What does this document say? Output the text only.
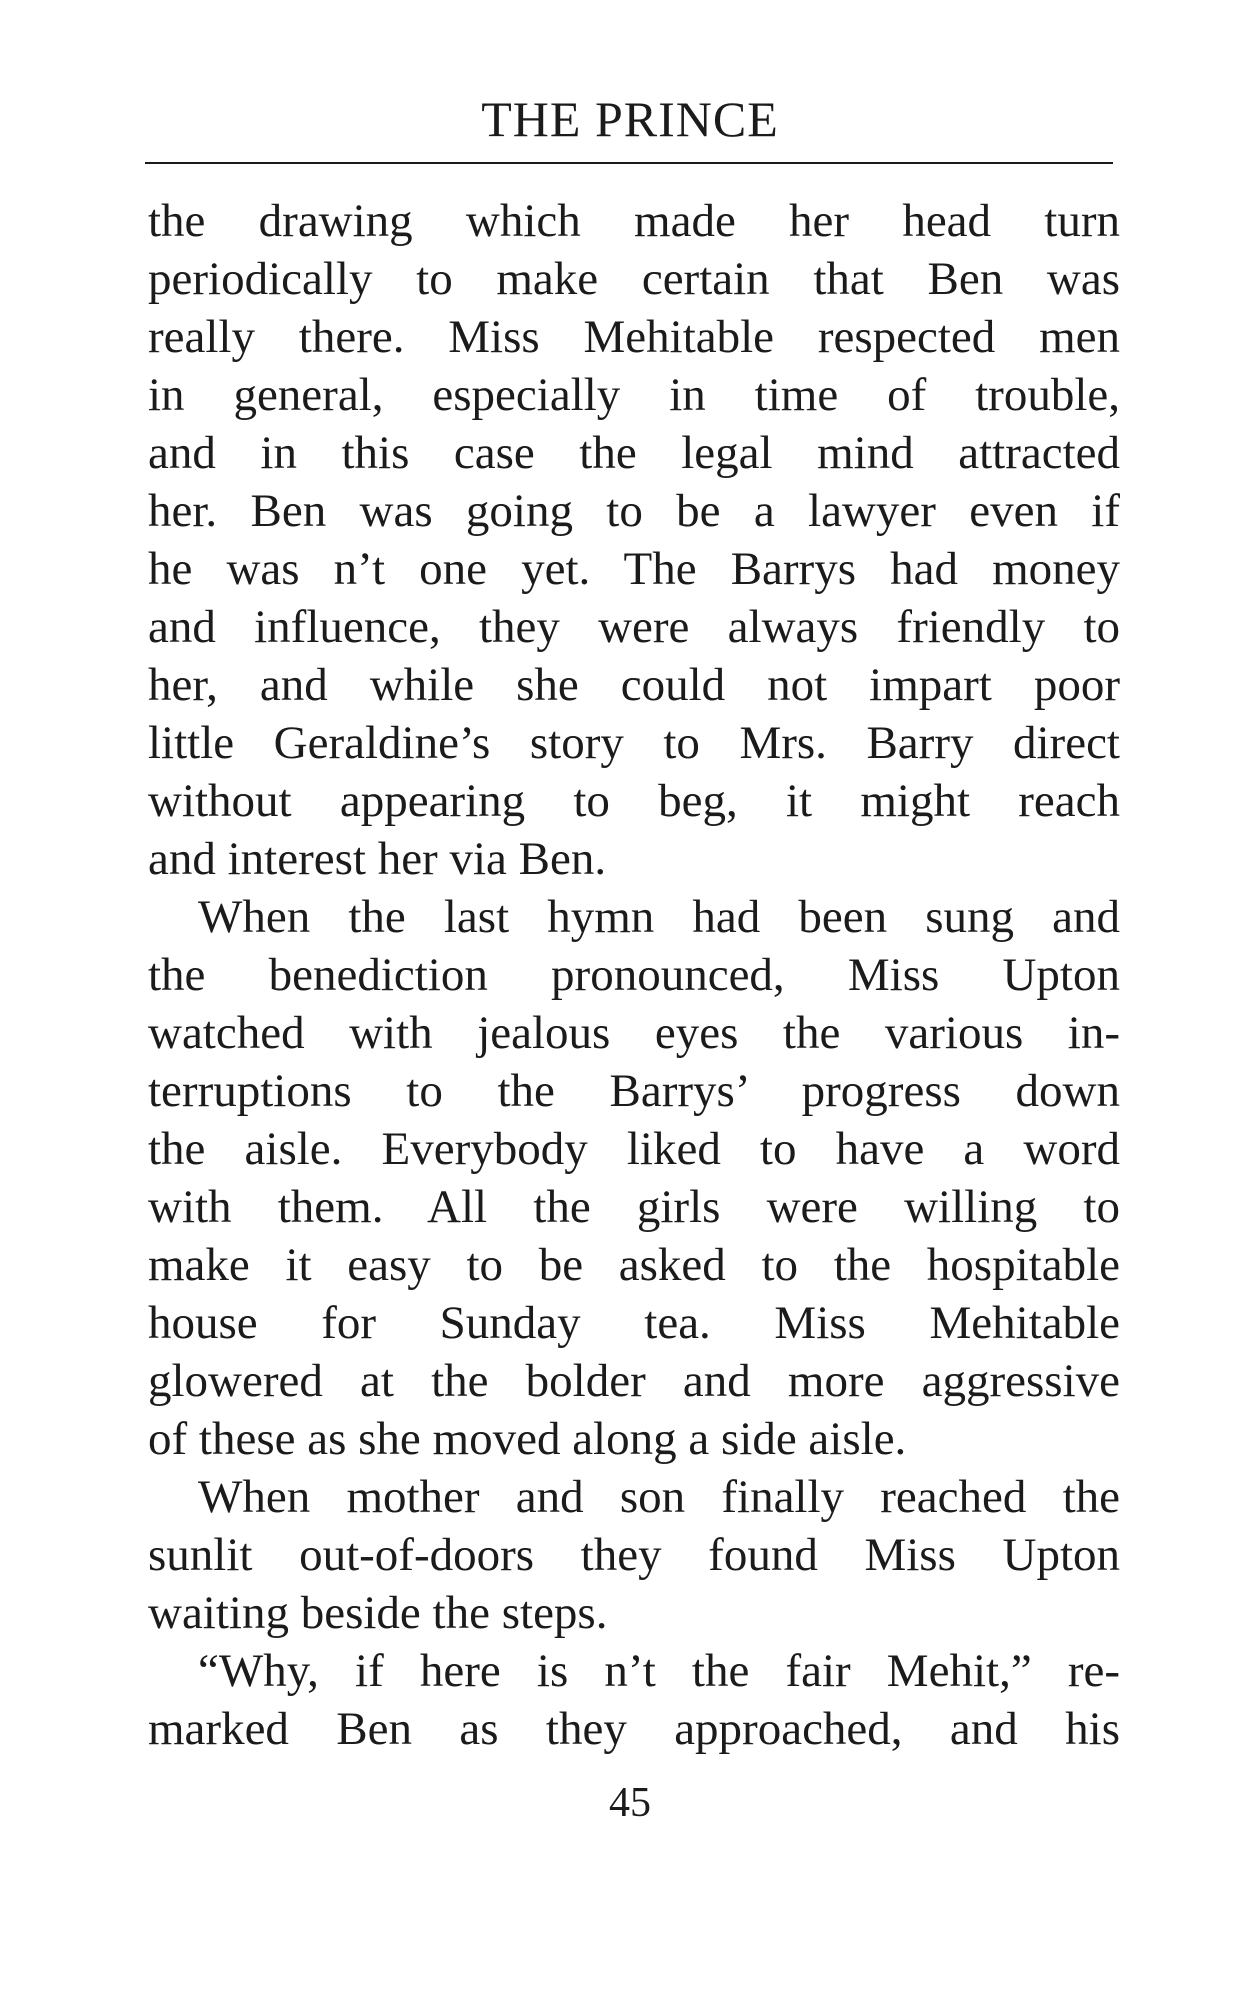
THE PRINCE
the drawing which made her head turn
periodically to make certain that Ben was
really there. Miss Mehitable respected men
in general, especially in time of trouble,
and in this case the legal mind attracted
her. Ben was going to be a lawyer even if
he was n’t one yet. The Barrys had money
and influence, they were always friendly to
her, and while she could not impart poor
little Geraldine’s story to Mrs. Barry direct
without appearing to beg, it might reach
and interest her via Ben.
When the last hymn had been sung and
the benediction pronounced, Miss Upton
watched with jealous eyes the various in-
terruptions to the Barrys’ progress down
the aisle. Everybody liked to have a word
with them. All the girls were willing to
make it easy to be asked to the hospitable
house for Sunday tea. Miss Mehitable
glowered at the bolder and more aggressive
of these as she moved along a side aisle.
When mother and son finally reached the
sunlit out-of-doors they found Miss Upton
waiting beside the steps.
“Why, if here is n’t the fair Mehit,” re-
marked Ben as they approached, and his
45
